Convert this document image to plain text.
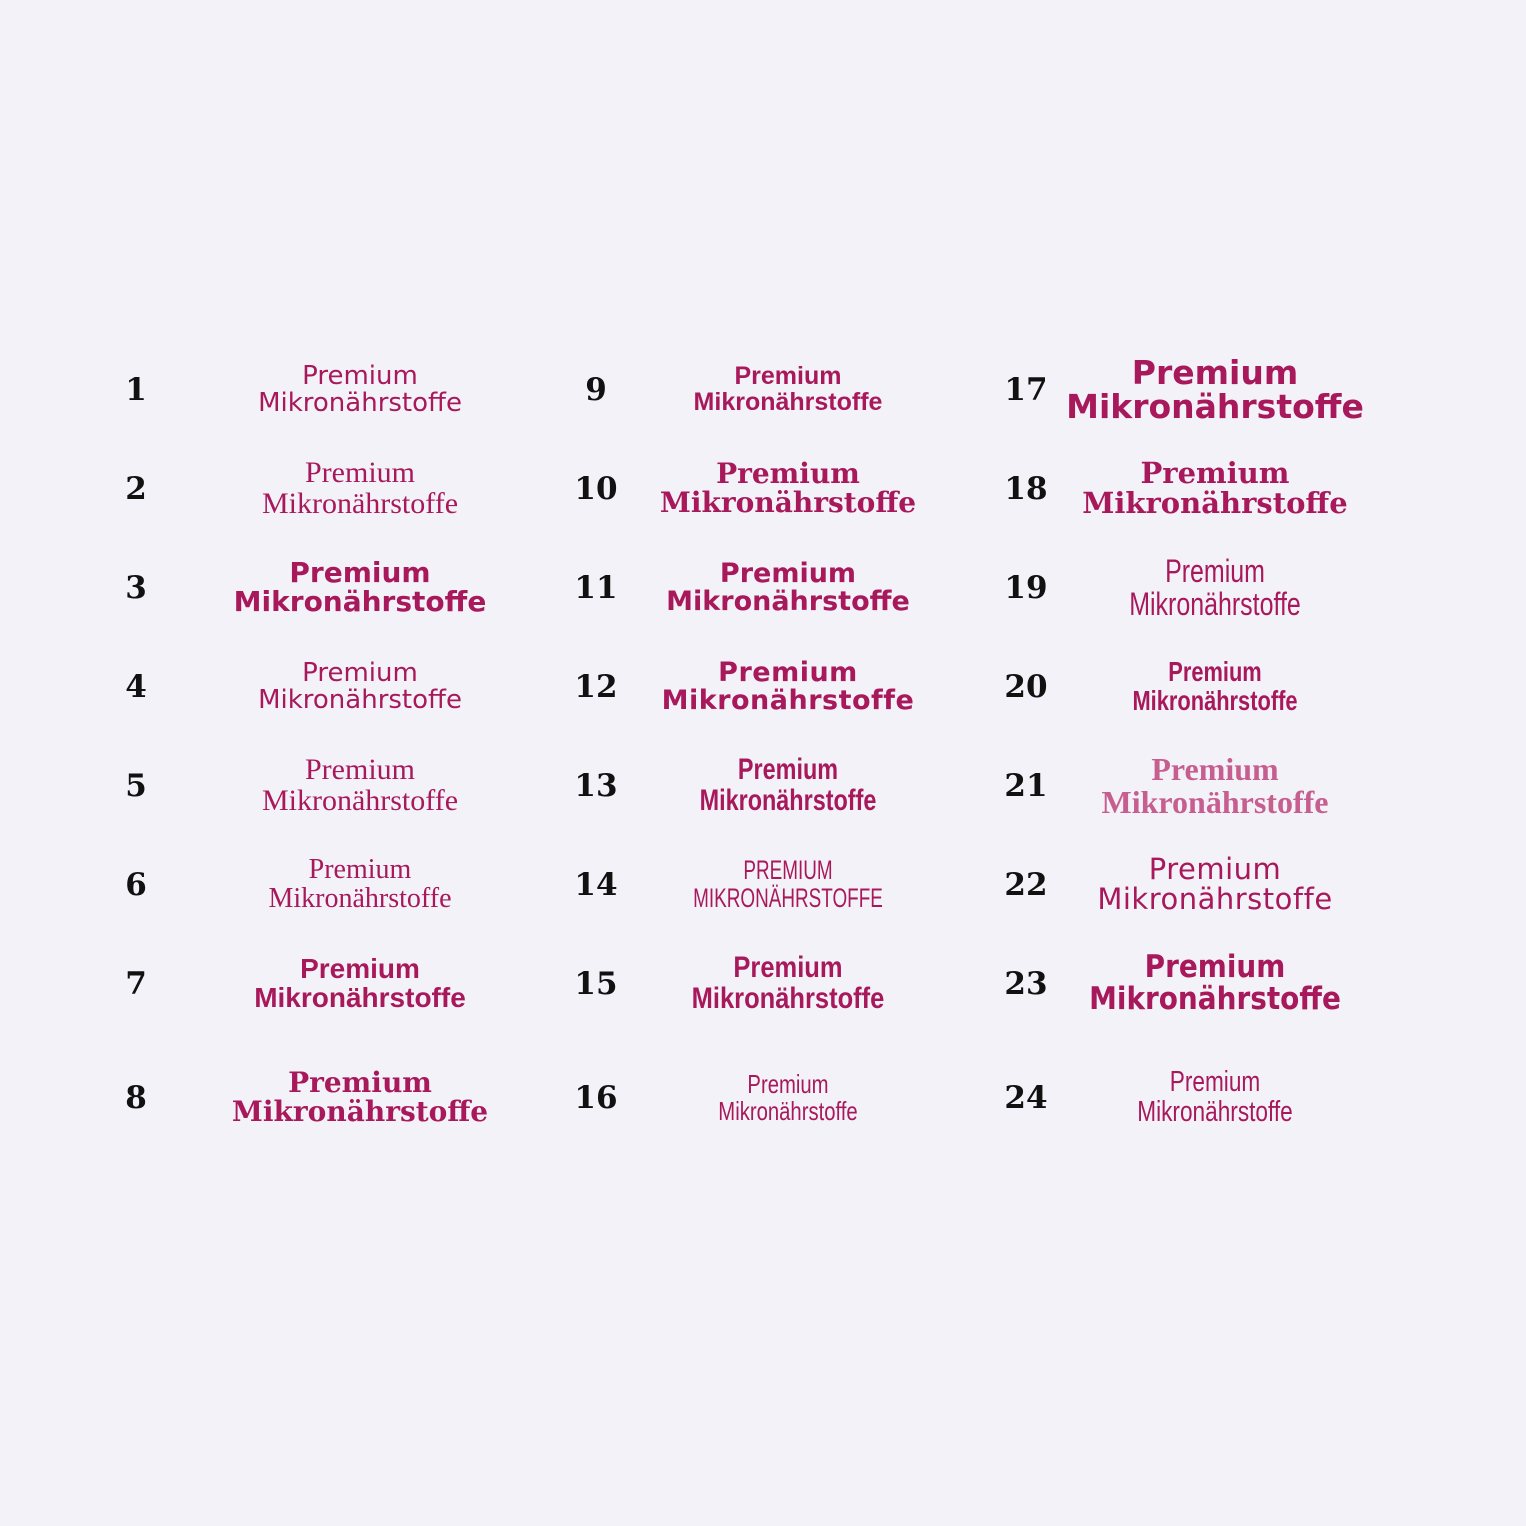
1	Premium
Mikronährstoffe
2	Premium
Mikronährstoffe
3	Premium
Mikronährstoffe
4	Premium
Mikronährstoffe
5	Premium
Mikronährstoffe
6	Premium
Mikronährstoffe
7	Premium
Mikronährstoffe
8	Premium
Mikronährstoffe
9	Premium
Mikronährstoffe
10	Premium
Mikronährstoffe
11	Premium
Mikronährstoffe
12	Premium
Mikronährstoffe
13	Premium
Mikronährstoffe
14	PREMIUM
MIKRONÄHRSTOFFE
15	Premium
Mikronährstoffe
16	Premium
Mikronährstoffe
17	Premium
Mikronährstoffe
18	Premium
Mikronährstoffe
19	Premium
Mikronährstoffe
20	Premium
Mikronährstoffe
21	Premium
Mikronährstoffe
22	Premium
Mikronährstoffe
23	Premium
Mikronährstoffe
24	Premium
Mikronährstoffe
